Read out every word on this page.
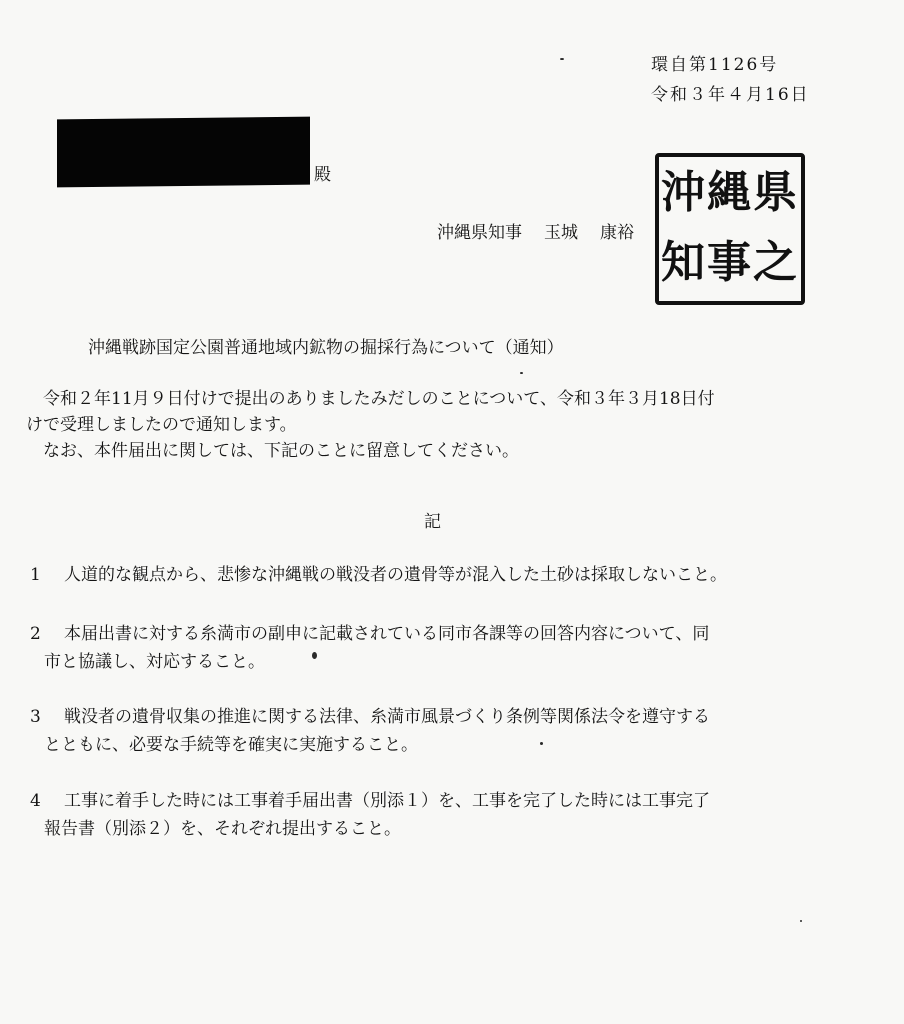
環自第1126号
令和３年４月16日
殿
沖縄県知事 玉城 康裕
県
縄
沖
之
事
知
沖縄戦跡国定公園普通地域内鉱物の掘採行為について（通知）

　令和２年11月９日付けで提出のありましたみだしのことについて、令和３年３月18日付

けで受理しましたので通知します。

　なお、本件届出に関しては、下記のことに留意してください。

記
1 人道的な観点から、悲惨な沖縄戦の戦没者の遺骨等が混入した土砂は採取しないこと。
2 本届出書に対する糸満市の副申に記載されている同市各課等の回答内容について、同
市と協議し、対応すること。
3 戦没者の遺骨収集の推進に関する法律、糸満市風景づくり条例等関係法令を遵守する
とともに、必要な手続等を確実に実施すること。
4 工事に着手した時には工事着手届出書（別添１）を、工事を完了した時には工事完了
報告書（別添２）を、それぞれ提出すること。
